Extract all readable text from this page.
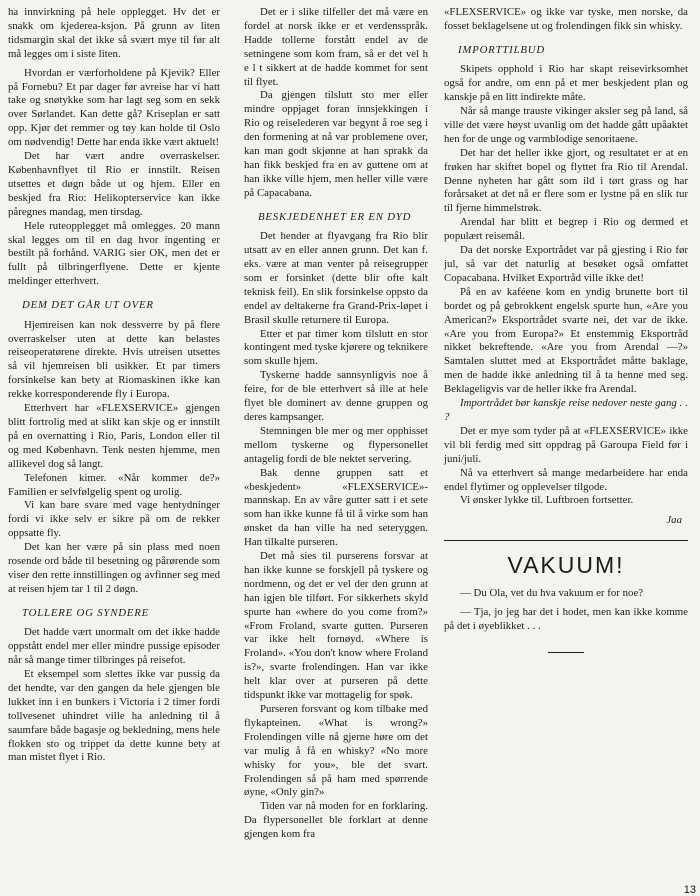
ha innvirkning på hele opplegget. Hv det er snakk om kjederea-ksjon. På grunn av liten tidsmargin skal det ikke så svært mye til før alt må legges om i siste liten.

Hvordan er værforholdene på Kjevik? Eller på Fornebu? Et par dager før avreise har vi hatt take og snøtykke som har lagt seg som en sekk over Sørlandet. Kan dette gå? Kriseplan er satt opp. Kjør det remmer og tøy kan holde til Oslo om nødvendig! Dette har enda ikke vært aktuelt!

Det har vært andre overraskelser. Københavnflyet til Rio er innstilt. Reisen utsettes et døgn både ut og hjem. Eller en beskjed fra Rio: Helikopterservice kan ikke påregnes mandag, men tirsdag.

Hele ruteopplegget må omlegges. 20 mann skal legges om til en dag hvor ingenting er bestilt på forhånd. VARIG sier OK, men det er fullt på tilbringerflyene. Dette er kjente meldinger etterhvert.

DEM DET GÅR UT OVER

Hjemreisen kan nok dessverre by på flere overraskelser uten at dette kan belastes reiseoperatørene direkte. Hvis utreisen utsettes så vil hjemreisen bli usikker. Et par timers forsinkelse kan bety at Riomaskinen ikke kan rekke korresponderende fly i Europa.

Etterhvert har «FLEXSERVICE» gjengen blitt fortrolig med at slikt kan skje og er innstilt på en overnatting i Rio, Paris, London eller til og med København. Tenk nesten hjemme, men allikevel dog så langt.

Telefonen kimer. «Når kommer de?» Familien er selvfølgelig spent og urolig.

Vi kan bare svare med vage hentydninger fordi vi ikke selv er sikre på om de rekker oppsatte fly.

Det kan her være på sin plass med noen rosende ord både til besetning og pårørende som viser den rette innstillingen og avfinner seg med at reisen hjem tar 1 til 2 døgn.

TOLLERE OG SYNDERE

Det hadde vært unormalt om det ikke hadde oppstått endel mer eller mindre pussige episoder når så mange timer tilbringes på reisefot.

Et eksempel som slettes ikke var pussig da det hendte, var den gangen da hele gjengen ble lukket inn i en bunkers i Victoria i 2 timer fordi tollvesenet uhindret ville ha anledning til å saumfare både bagasje og bekledning, mens hele flokken sto og trippet da dette kunne bety at man mistet flyet i Rio.

Det er i slike tilfeller det må være en fordel at norsk ikke er et verdensspråk. Hadde tollerne forstått endel av de setningene som kom fram, så er det vel h e l t sikkert at de hadde kommet for sent til flyet.

Da gjengen tilslutt sto mer eller mindre oppjaget foran innsjekkingen i Rio og reiselederen var begynt å roe seg i den formening at nå var problemene over, kan man godt skjønne at han sprakk da han fikk beskjed fra en av guttene om at han ikke ville hjem, men heller ville være på Capacabana.

BESKJEDENHET ER EN DYD

Det hender at flyavgang fra Rio blir utsatt av en eller annen grunn. Det kan f. eks. være at man venter på reisegrupper som er forsinket (dette blir ofte kalt teknisk feil). En slik forsinkelse oppsto da endel av deltakerne fra Grand-Prix-løpet i Brasil skulle returnere til Europa.

Etter et par timer kom tilslutt en stor kontingent med tyske kjørere og teknikere som skulle hjem.

Tyskerne hadde sannsynligvis noe å feire, for de ble etterhvert så ille at hele flyet ble dominert av denne gruppen og deres kampsanger.

Stemningen ble mer og mer opphisset mellom tyskerne og flypersonellet antagelig fordi de ble nektet servering.

Bak denne gruppen satt et «beskjedent» «FLEXSERVICE»-mannskap. En av våre gutter satt i et sete som han ikke kunne få til å virke som han ønsket da han ville ha ned seteryggen. Han tilkalte purseren.

Det må sies til purserens forsvar at han ikke kunne se forskjell på tyskere og nordmenn, og det er vel der den grunn at han igjen ble tilført. For sikkerhets skyld spurte han «where do you come from?» «From Froland, svarte gutten. Purseren var ikke helt fornøyd. «Where is Froland». «You don't know where Froland is?», svarte frolendingen. Han var ikke helt klar over at purseren på dette tidspunkt ikke var mottagelig for spøk.

Purseren forsvant og kom tilbake med flykapteinen. «What is wrong?» Frolendingen ville nå gjerne høre om det var mulig å få en whisky? «No more whisky for you», ble det svart. Frolendingen så på ham med spørrende øyne, «Only gin?»

Tiden var nå moden for en forklaring. Da flypersonellet ble forklart at denne gjengen kom fra

«FLEXSERVICE» og ikke var tyske, men norske, da fosset beklagelsene ut og frolendingen fikk sin whisky.

IMPORTTILBUD

Skipets opphold i Rio har skapt reisevirksomhet også for andre, om enn på et mer beskjedent plan og kanskje på en litt indirekte måte.

Når så mange trauste vikinger aksler seg på land, så ville det være høyst uvanlig om det hadde gått upåaktet hen for de unge og varmblodige senoritaene.

Det har det heller ikke gjort, og resultatet er at en frøken har skiftet bopel og flyttet fra Rio til Arendal. Denne nyheten har gått som ild i tørt grass og har forårsaket at det nå er flere som er lystne på en slik tur til fjerne himmelstrøk.

Arendal har blitt et begrep i Rio og dermed et populært reisemål.

Da det norske Exportrådet var på gjesting i Rio før jul, så var det naturlig at besøket også omfattet Copacabana. Hvilket Exportråd ville ikke det!

På en av kaféene kom en yndig brunette bort til bordet og på gebrokkent engelsk spurte hun, «Are you American?» Eksportrådet svarte nei, det var de ikke. «Are you from Europa?» Et enstemmig Eksportråd nikket bekreftende. «Are you from Arendal —?» Samtalen sluttet med at Eksportrådet måtte baklage, men de hadde ikke anledning til å ta henne med seg. Beklageligvis var de heller ikke fra Arendal.

Importrådet bør kanskje reise nedover neste gang . . ?

Det er mye som tyder på at «FLEXSERVICE» ikke vil bli ferdig med sitt oppdrag på Garoupa Field før i juni/juli.

Nå va etterhvert så mange medarbeidere har enda endel flytimer og opplevelser tilgode.

Vi ønsker lykke til. Luftbroen fortsetter.

Jaa
VAKUUM!

— Du Ola, vet du hva vakuum er for noe?

— Tja, jo jeg har det i hodet, men kan ikke komme på det i øyeblikket . . .

13
